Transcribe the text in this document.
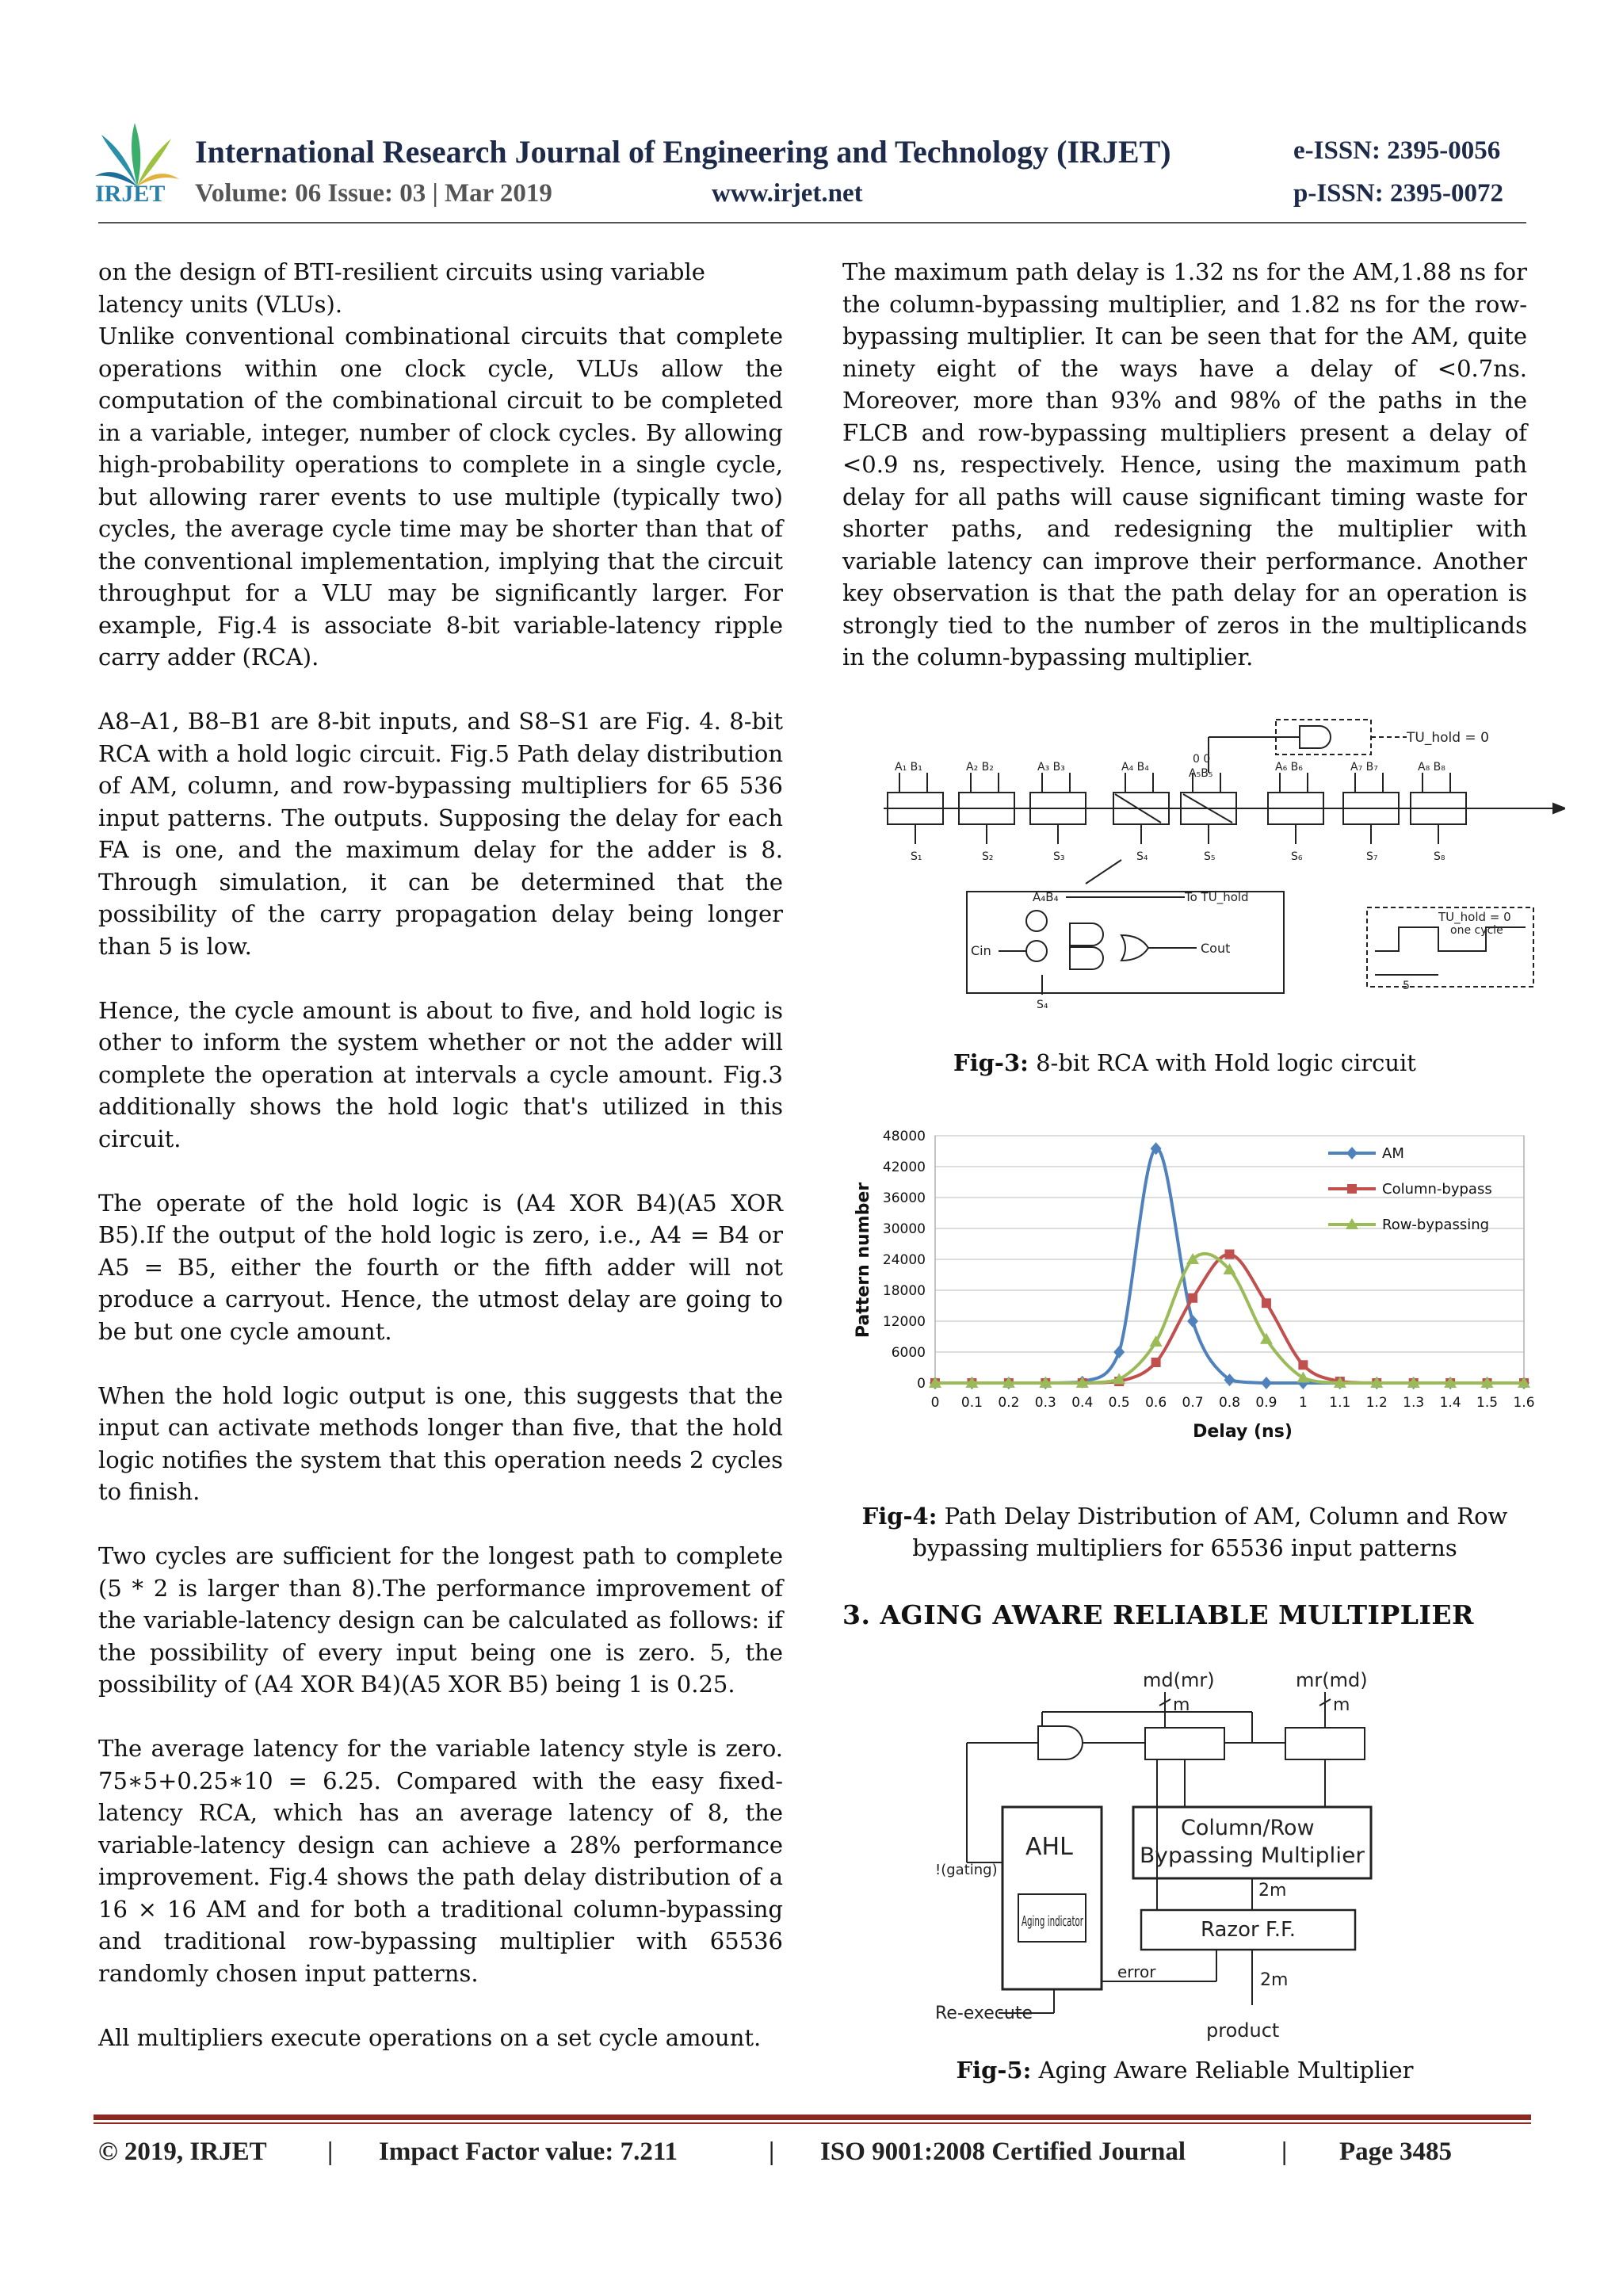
IRJET
International Research Journal of Engineering and Technology (IRJET)	e-ISSN: 2395-0056
Volume: 06 Issue: 03 | Mar 2019	www.irjet.net	p-ISSN: 2395-0072

on the design of BTI-resilient circuits using variable latency units (VLUs).

Unlike conventional combinational circuits that complete operations within one clock cycle, VLUs allow the computation of the combinational circuit to be completed in a variable, integer, number of clock cycles. By allowing high-probability operations to complete in a single cycle, but allowing rarer events to use multiple (typically two) cycles, the average cycle time may be shorter than that of the conventional implementation, implying that the circuit throughput for a VLU may be significantly larger. For example, Fig.4 is associate 8-bit variable-latency ripple carry adder (RCA).

A8–A1, B8–B1 are 8-bit inputs, and S8–S1 are Fig. 4. 8-bit RCA with a hold logic circuit. Fig.5 Path delay distribution of AM, column, and row-bypassing multipliers for 65 536 input patterns. The outputs. Supposing the delay for each FA is one, and the maximum delay for the adder is 8. Through simulation, it can be determined that the possibility of the carry propagation delay being longer than 5 is low.

Hence, the cycle amount is about to five, and hold logic is other to inform the system whether or not the adder will complete the operation at intervals a cycle amount. Fig.3 additionally shows the hold logic that's utilized in this circuit.

The operate of the hold logic is (A4 XOR B4)(A5 XOR B5).If the output of the hold logic is zero, i.e., A4 = B4 or A5 = B5, either the fourth or the fifth adder will not produce a carryout. Hence, the utmost delay are going to be but one cycle amount.

When the hold logic output is one, this suggests that the input can activate methods longer than five, that the hold logic notifies the system that this operation needs 2 cycles to finish.

Two cycles are sufficient for the longest path to complete (5 * 2 is larger than 8).The performance improvement of the variable-latency design can be calculated as follows: if the possibility of every input being one is zero. 5, the possibility of (A4 XOR B4)(A5 XOR B5) being 1 is 0.25.

The average latency for the variable latency style is zero. 75∗5+0.25∗10 = 6.25. Compared with the easy fixed-latency RCA, which has an average latency of 8, the variable-latency design can achieve a 28% performance improvement. Fig.4 shows the path delay distribution of a 16 × 16 AM and for both a traditional column-bypassing and traditional row-bypassing multiplier with 65536 randomly chosen input patterns.

All multipliers execute operations on a set cycle amount.

The maximum path delay is 1.32 ns for the AM,1.88 ns for the column-bypassing multiplier, and 1.82 ns for the row-bypassing multiplier. It can be seen that for the AM, quite ninety eight of the ways have a delay of <0.7ns. Moreover, more than 93% and 98% of the paths in the FLCB and row-bypassing multipliers present a delay of <0.9 ns, respectively. Hence, using the maximum path delay for all paths will cause significant timing waste for shorter paths, and redesigning the multiplier with variable latency can improve their performance. Another key observation is that the path delay for an operation is strongly tied to the number of zeros in the multiplicands in the column-bypassing multiplier.

TU_hold = 0
To TU_hold
A₄B₄
Cin	Cout
S₄
TU_hold = 0
one cycle
5
0 0
A₁ B₁	A₂ B₂	A₃ B₃	A₄ B₄	A₅B₅	A₆ B₆	A₇ B₇	A₈ B₈
S₁	S₂	S₃	S₄	S₅	S₆	S₇	S₈
Fig-3: 8-bit RCA with Hold logic circuit
0
6000
12000
18000
24000
30000
36000
42000
48000
0 0.1 0.2 0.3 0.4 0.5 0.6 0.7 0.8 0.9 1 1.1 1.2 1.3 1.4 1.5 1.6
AM
Column-bypass
Row-bypassing
Pattern number
Delay (ns)
Fig-4: Path Delay Distribution of AM, Column and Row bypassing multipliers for 65536 input patterns
3. AGING AWARE RELIABLE MULTIPLIER
md(mr)	mr(md)
m	m
AHL
Aging indicator
!(gating)
Column/Row
Bypassing Multiplier
2m
Razor F.F.
error	2m
Re-execute
product
Fig-5: Aging Aware Reliable Multiplier
© 2019, IRJET | Impact Factor value: 7.211	| ISO 9001:2008 Certified Journal	| Page 3485
